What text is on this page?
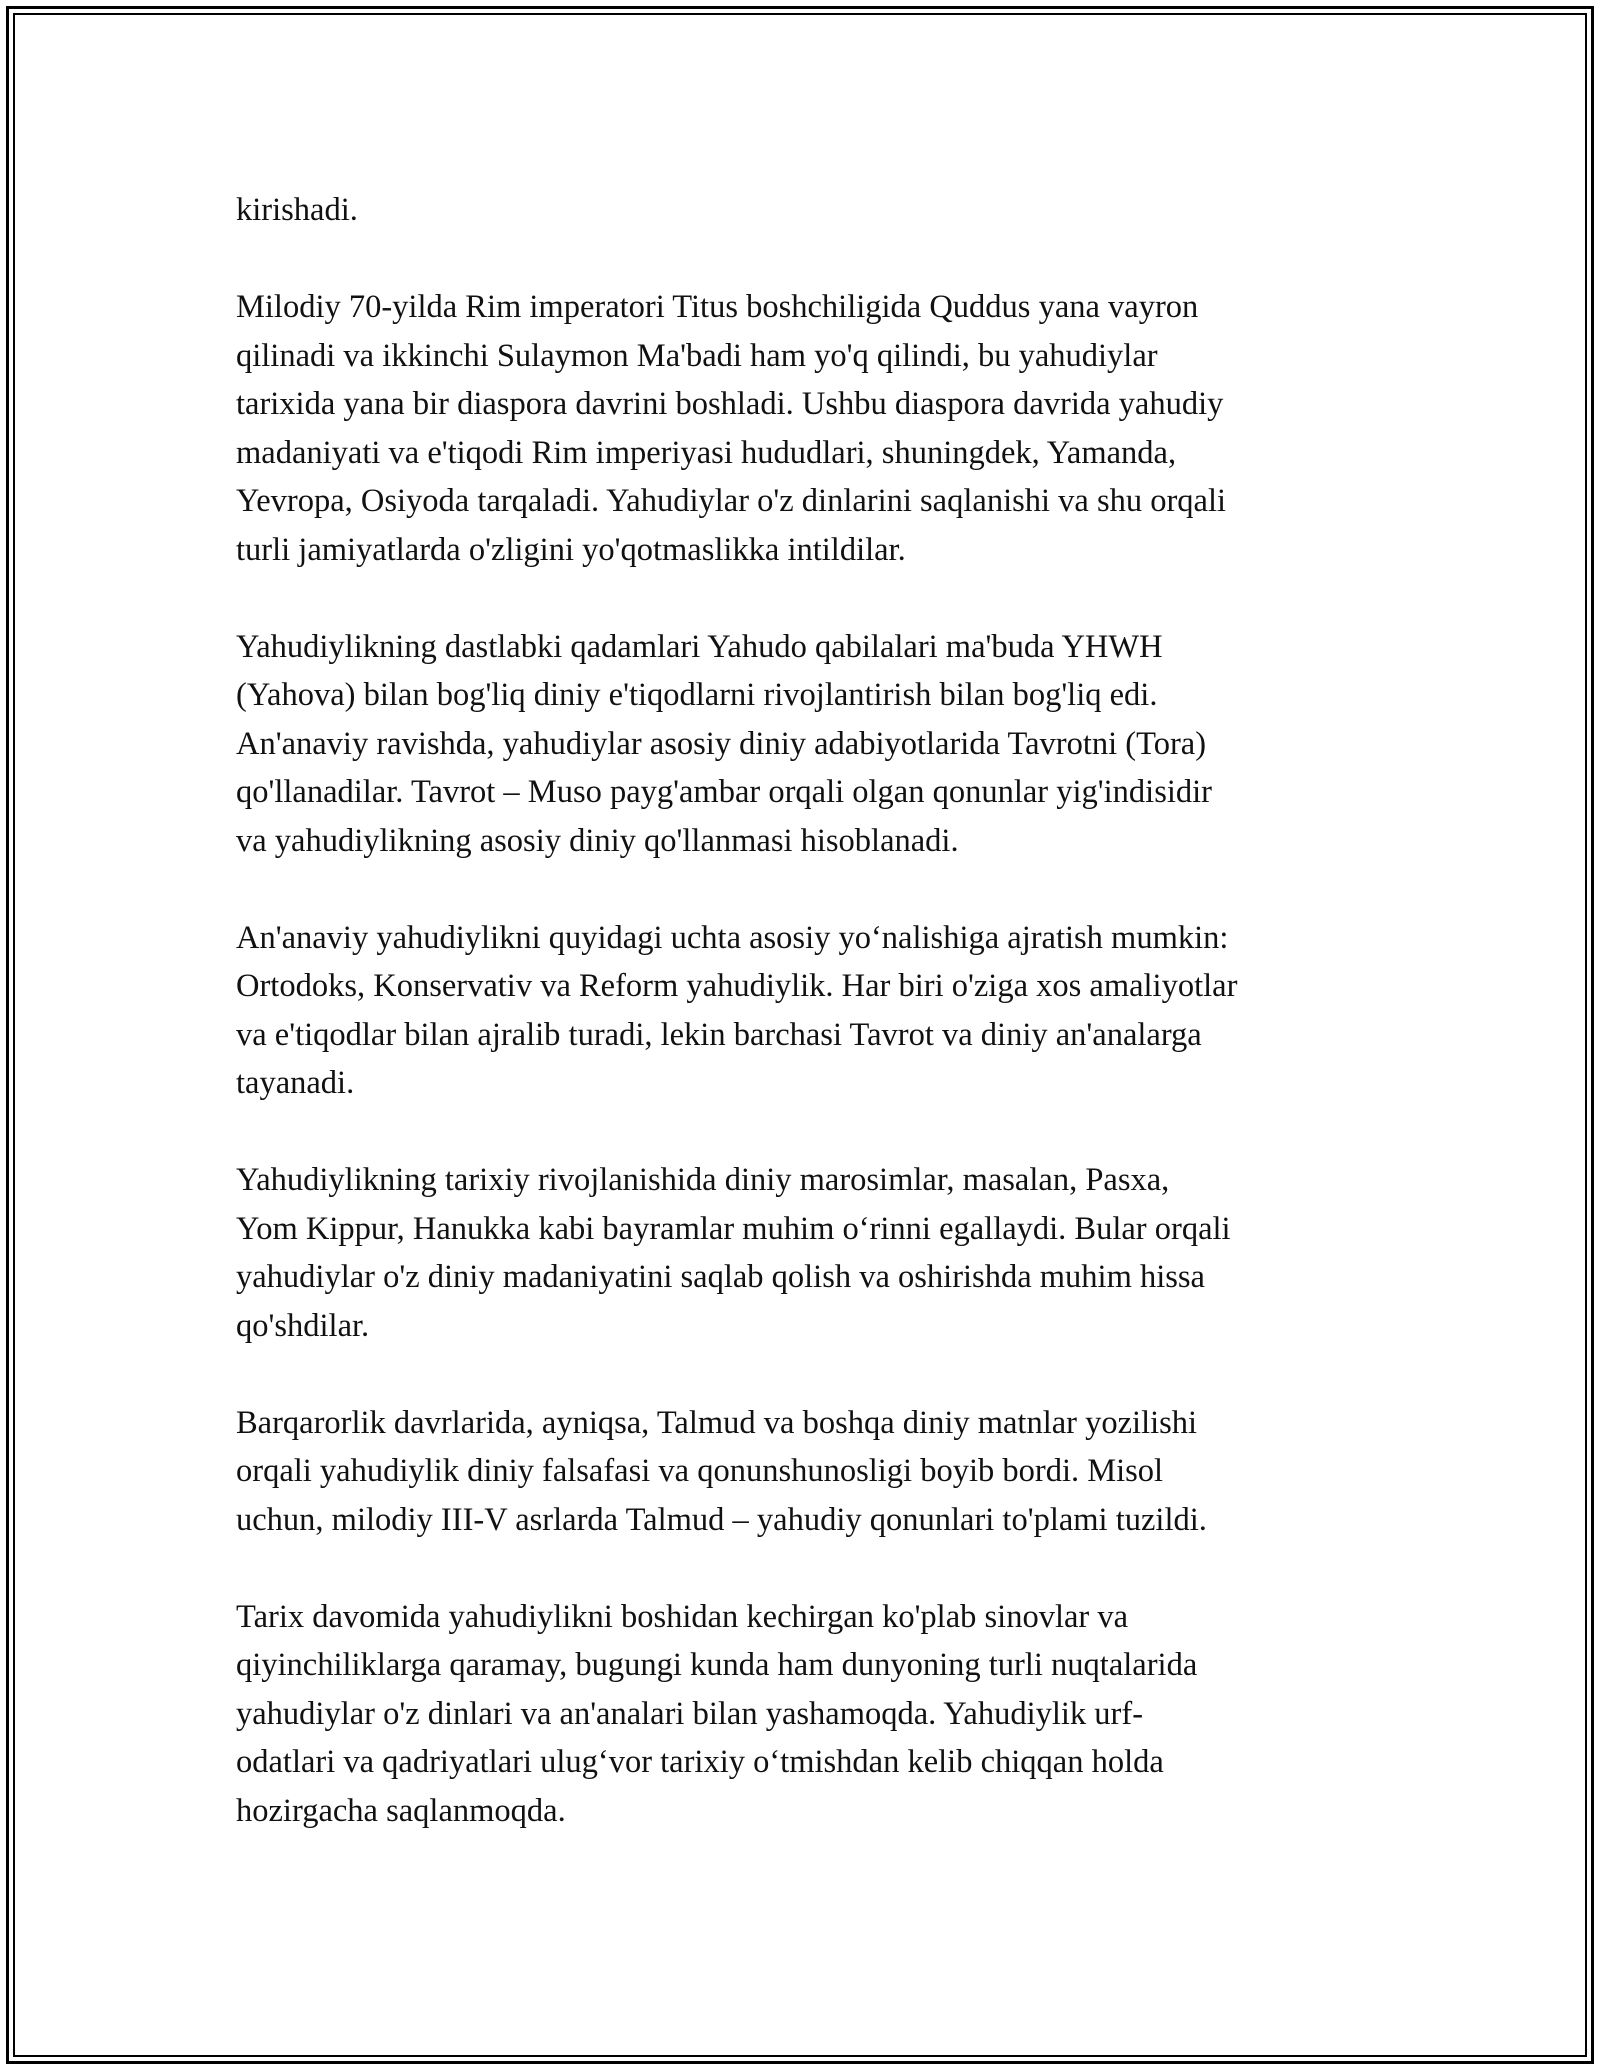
kirishadi.

Milodiy 70-yilda Rim imperatori Titus boshchiligida Quddus yana vayron
qilinadi va ikkinchi Sulaymon Ma'badi ham yo'q qilindi, bu yahudiylar
tarixida yana bir diaspora davrini boshladi. Ushbu diaspora davrida yahudiy
madaniyati va e'tiqodi Rim imperiyasi hududlari, shuningdek, Yamanda,
Yevropa, Osiyoda tarqaladi. Yahudiylar o'z dinlarini saqlanishi va shu orqali
turli jamiyatlarda o'zligini yo'qotmaslikka intildilar.

Yahudiylikning dastlabki qadamlari Yahudo qabilalari ma'buda YHWH
(Yahova) bilan bog'liq diniy e'tiqodlarni rivojlantirish bilan bog'liq edi.
An'anaviy ravishda, yahudiylar asosiy diniy adabiyotlarida Tavrotni (Tora)
qo'llanadilar. Tavrot – Muso payg'ambar orqali olgan qonunlar yig'indisidir
va yahudiylikning asosiy diniy qo'llanmasi hisoblanadi.

An'anaviy yahudiylikni quyidagi uchta asosiy yo‘nalishiga ajratish mumkin:
Ortodoks, Konservativ va Reform yahudiylik. Har biri o'ziga xos amaliyotlar
va e'tiqodlar bilan ajralib turadi, lekin barchasi Tavrot va diniy an'analarga
tayanadi.

Yahudiylikning tarixiy rivojlanishida diniy marosimlar, masalan, Pasxa,
Yom Kippur, Hanukka kabi bayramlar muhim o‘rinni egallaydi. Bular orqali
yahudiylar o'z diniy madaniyatini saqlab qolish va oshirishda muhim hissa
qo'shdilar.

Barqarorlik davrlarida, ayniqsa, Talmud va boshqa diniy matnlar yozilishi
orqali yahudiylik diniy falsafasi va qonunshunosligi boyib bordi. Misol
uchun, milodiy III-V asrlarda Talmud – yahudiy qonunlari to'plami tuzildi.

Tarix davomida yahudiylikni boshidan kechirgan ko'plab sinovlar va
qiyinchiliklarga qaramay, bugungi kunda ham dunyoning turli nuqtalarida
yahudiylar o'z dinlari va an'analari bilan yashamoqda. Yahudiylik urf-
odatlari va qadriyatlari ulug‘vor tarixiy o‘tmishdan kelib chiqqan holda
hozirgacha saqlanmoqda.
